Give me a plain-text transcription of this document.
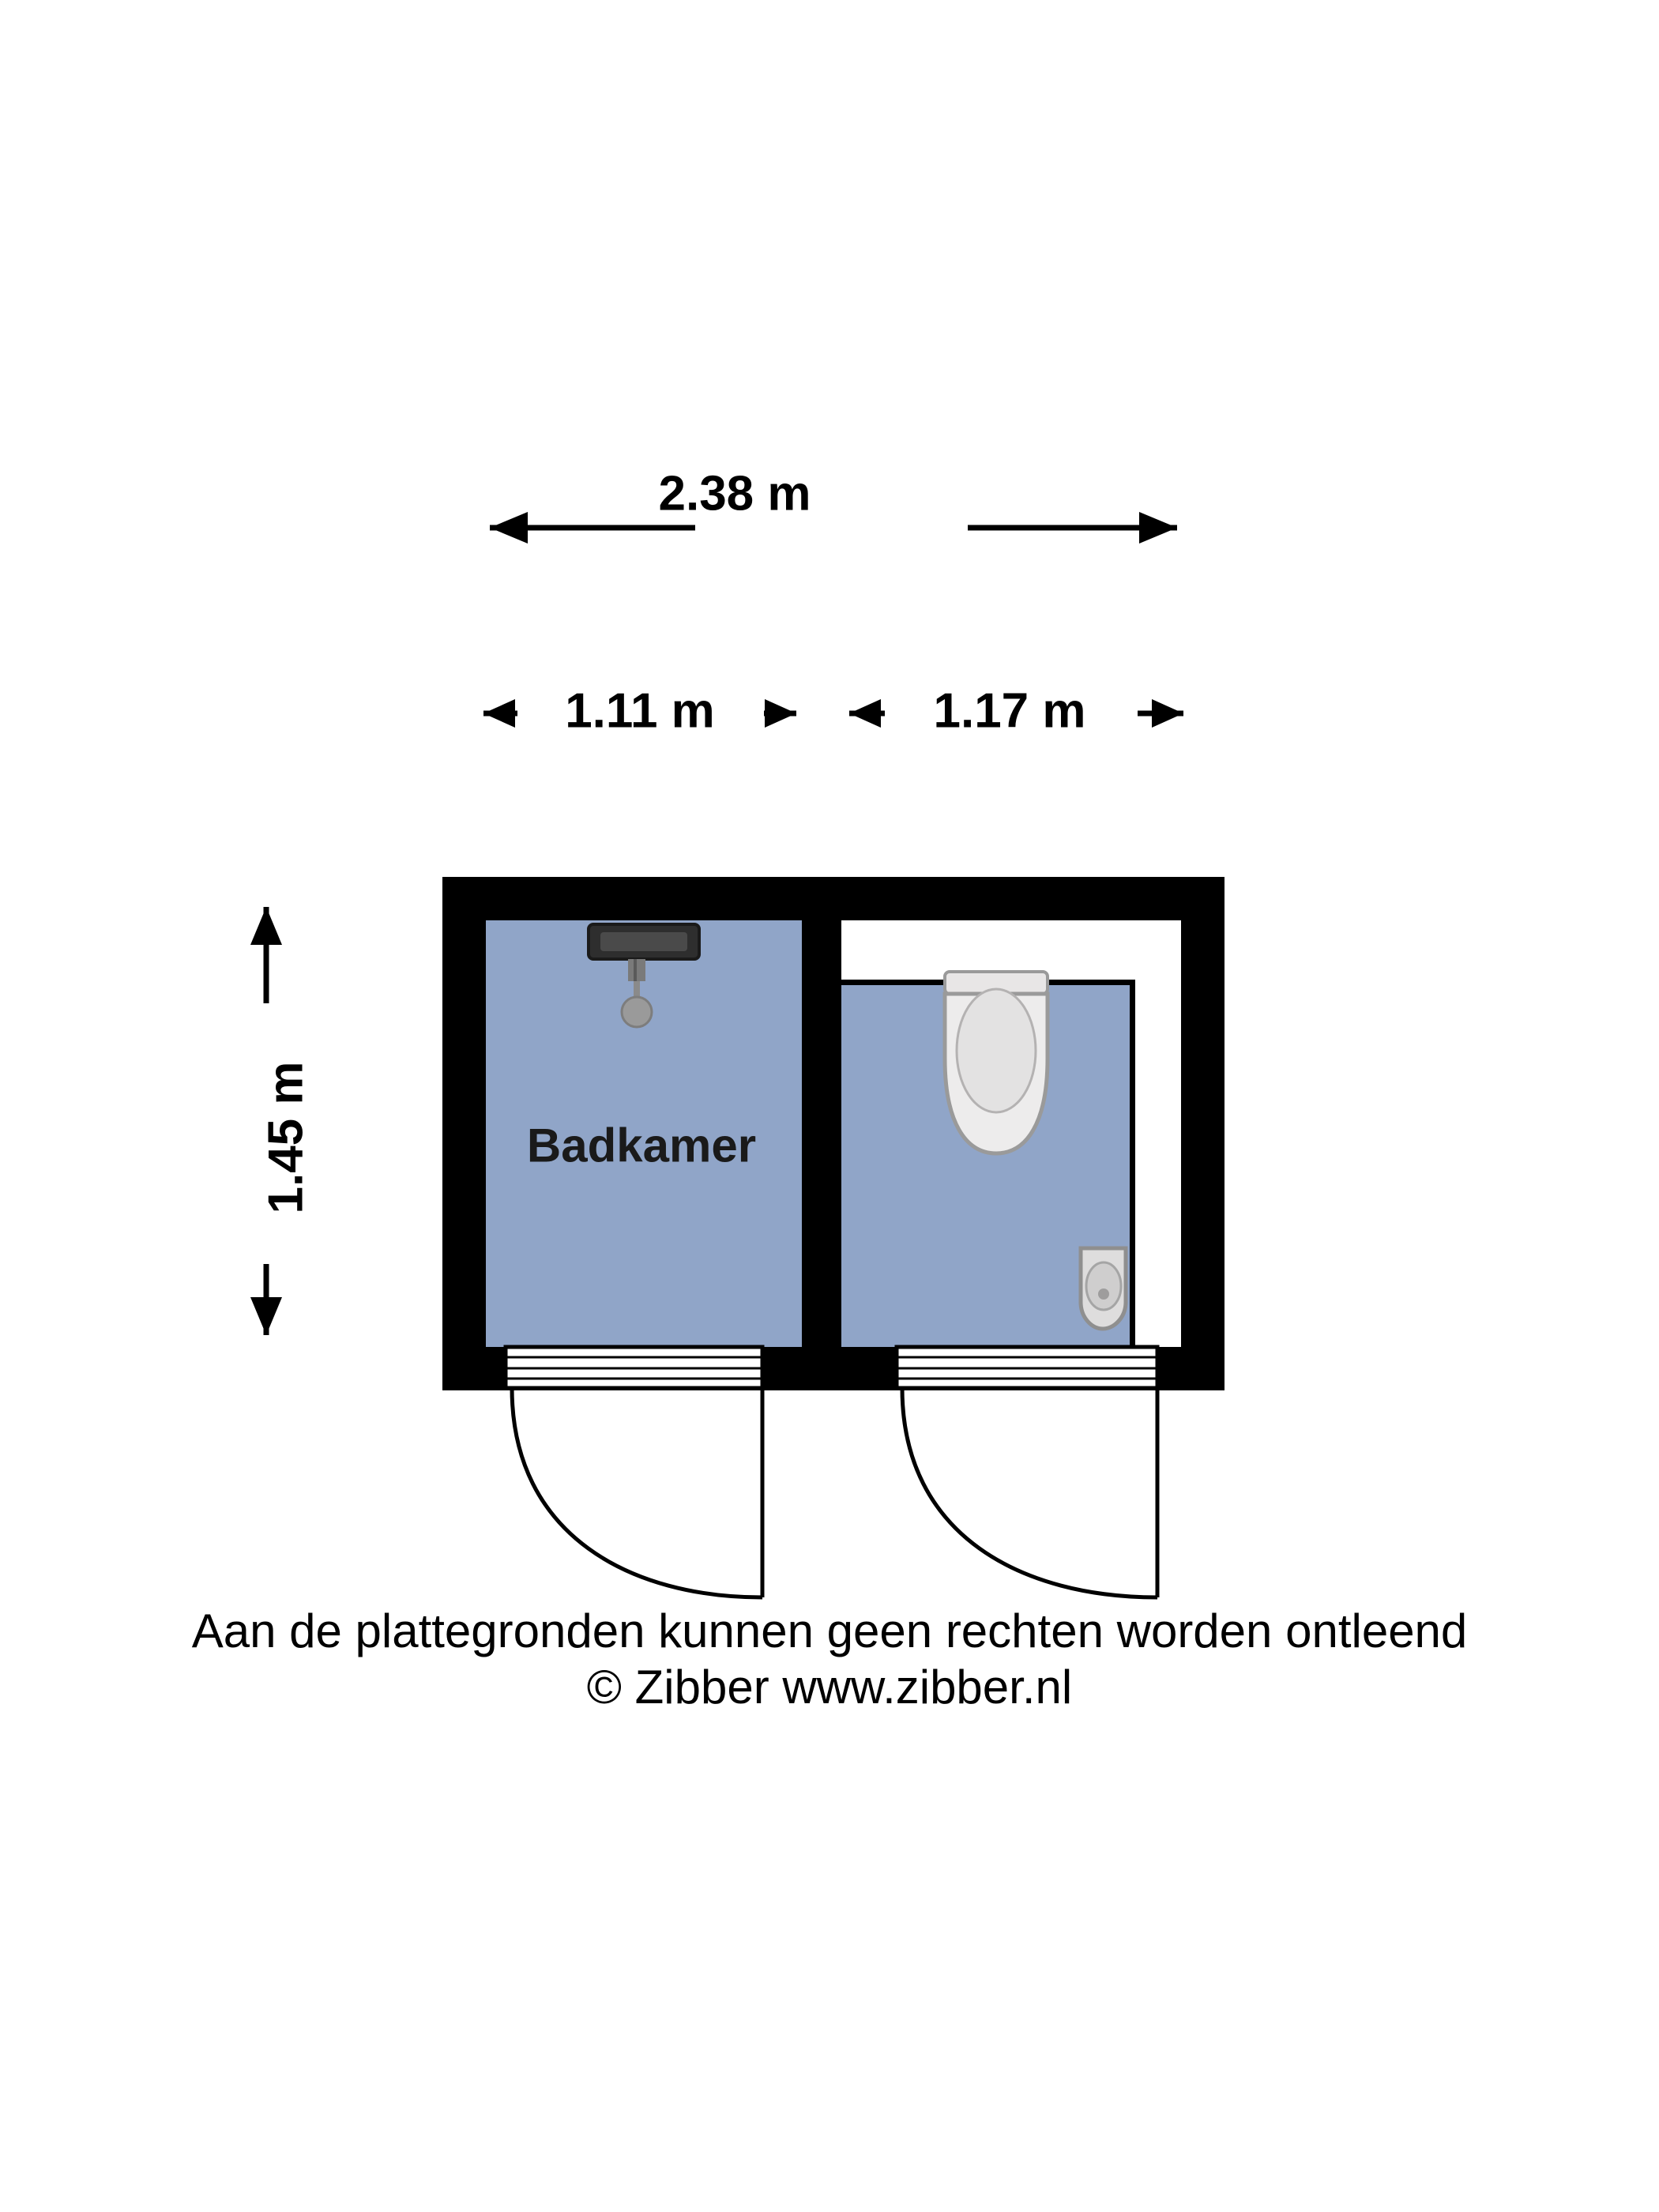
2.38 m
1.11 m	1.17 m
1.45 m	Badkamer
Aan de plattegronden kunnen geen rechten worden ontleend
© Zibber www.zibber.nl
